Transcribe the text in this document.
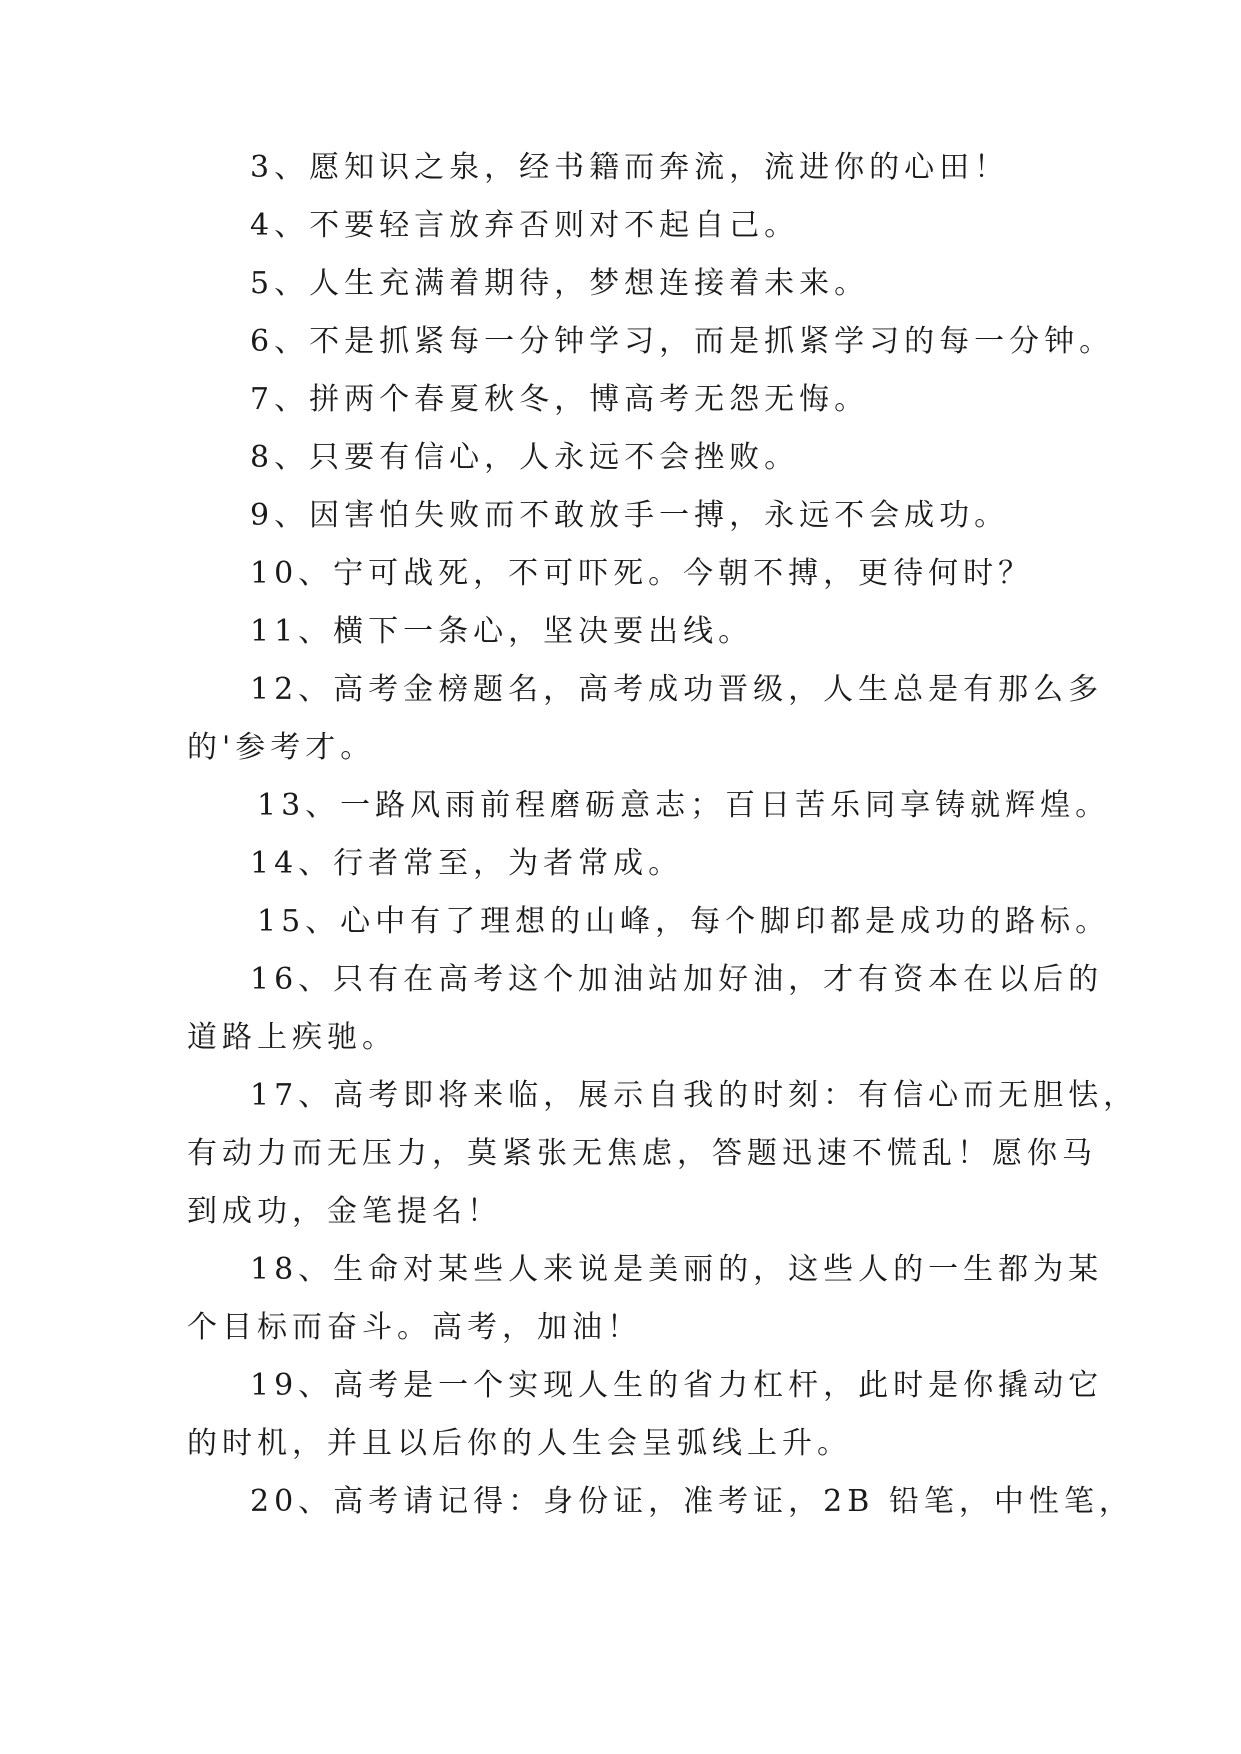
3、愿知识之泉，经书籍而奔流，流进你的心田！
4、不要轻言放弃否则对不起自己。
5、人生充满着期待，梦想连接着未来。
6、不是抓紧每一分钟学习，而是抓紧学习的每一分钟。
7、拼两个春夏秋冬，博高考无怨无悔。
8、只要有信心，人永远不会挫败。
9、因害怕失败而不敢放手一搏，永远不会成功。
10、宁可战死，不可吓死。今朝不搏，更待何时？
11、横下一条心，坚决要出线。
12、高考金榜题名，高考成功晋级，人生总是有那么多
的'参考才。
13、一路风雨前程磨砺意志；百日苦乐同享铸就辉煌。
14、行者常至，为者常成。
15、心中有了理想的山峰，每个脚印都是成功的路标。
16、只有在高考这个加油站加好油，才有资本在以后的
道路上疾驰。
17、高考即将来临，展示自我的时刻：有信心而无胆怯，
有动力而无压力，莫紧张无焦虑，答题迅速不慌乱！愿你马
到成功，金笔提名！
18、生命对某些人来说是美丽的，这些人的一生都为某
个目标而奋斗。高考，加油！
19、高考是一个实现人生的省力杠杆，此时是你撬动它
的时机，并且以后你的人生会呈弧线上升。
20、高考请记得：身份证，准考证，2B 铅笔，中性笔，
